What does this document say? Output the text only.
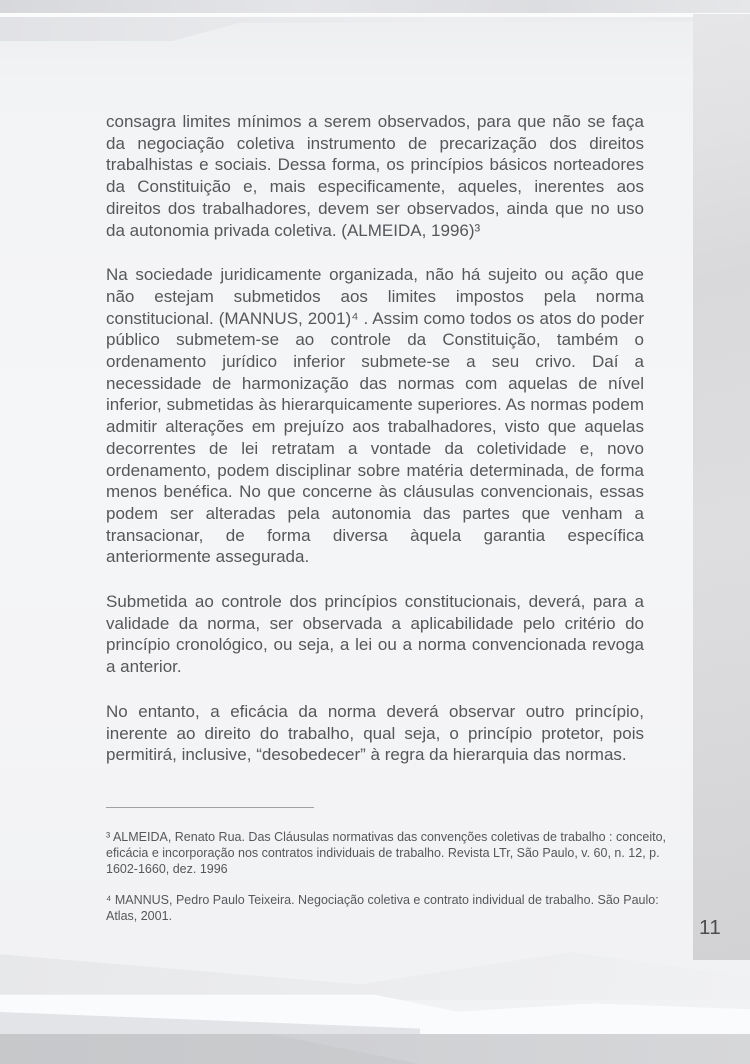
consagra limites mínimos a serem observados, para que não se faça da negociação coletiva instrumento de precarização dos direitos trabalhistas e sociais. Dessa forma, os princípios básicos norteadores da Constituição e, mais especificamente, aqueles, inerentes aos direitos dos trabalhadores, devem ser observados, ainda que no uso da autonomia privada coletiva. (ALMEIDA, 1996)³

Na sociedade juridicamente organizada, não há sujeito ou ação que não estejam submetidos aos limites impostos pela norma constitucional. (MANNUS, 2001)⁴ . Assim como todos os atos do poder público submetem-se ao controle da Constituição, também o ordenamento jurídico inferior submete-se a seu crivo. Daí a necessidade de harmonização das normas com aquelas de nível inferior, submetidas às hierarquicamente superiores. As normas podem admitir alterações em prejuízo aos trabalhadores, visto que aquelas decorrentes de lei retratam a vontade da coletividade e, novo ordenamento, podem disciplinar sobre matéria determinada, de forma menos benéfica. No que concerne às cláusulas convencionais, essas podem ser alteradas pela autonomia das partes que venham a transacionar, de forma diversa àquela garantia específica anteriormente assegurada.

Submetida ao controle dos princípios constitucionais, deverá, para a validade da norma, ser observada a aplicabilidade pelo critério do princípio cronológico, ou seja, a lei ou a norma convencionada revoga a anterior.

No entanto, a eficácia da norma deverá observar outro princípio, inerente ao direito do trabalho, qual seja, o princípio protetor, pois permitirá, inclusive, “desobedecer” à regra da hierarquia das normas.

³ ALMEIDA, Renato Rua. Das Cláusulas normativas das convenções coletivas de trabalho : conceito, eficácia e incorporação nos contratos individuais de trabalho. Revista LTr, São Paulo, v. 60, n. 12, p. 1602-1660, dez. 1996

⁴ MANNUS, Pedro Paulo Teixeira. Negociação coletiva e contrato individual de trabalho. São Paulo: Atlas, 2001.

11
